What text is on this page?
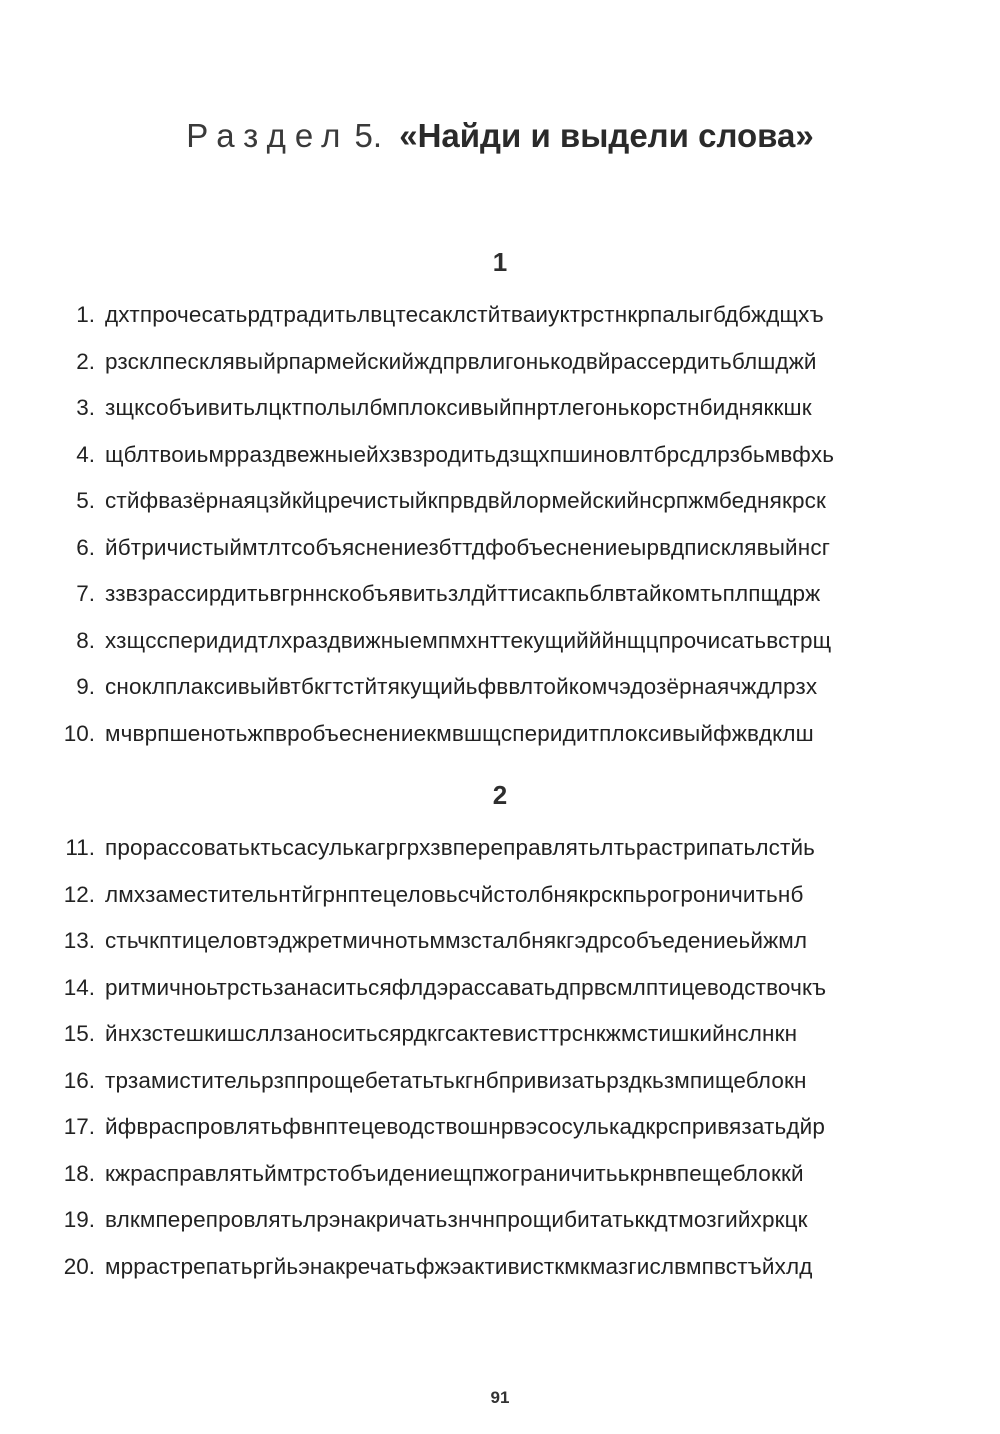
Раздел 5. «Найди и выдели слова»
1
1. дхтпрочесатьрдтрадитьлвцтесаклстйтваиуктрстнкрпалыгбдбждщхъ
2. рзсклпесклявыйрпармейскийждпрвлигонькодвйрассердитьблшджй
3. зщксобъивитьлцктполылбмплоксивыйпнртлегонькорстнбидняккшк
4. щблтвоиьмрраздвежныейхзвзродитьдзщхпшиновлтбрсдлрзбьмвфхь
5. стйфвазёрнаяцзйкйцречистыйкпрвдвйлормейскийнсрпжмбеднякрск
6. йбтричистыймтлтсобъяснениезбттдфобъеснениеырвдписклявыйнсг
7. ззвзрассирдитьвгрннскобъявитьзлдйттисакпьблвтайкомтьплпщдрж
8. хзщссперидидтлхраздвижныемпмхнттекущийййнщцпрочисатьвстрщ
9. сноклплаксивыйвтбкгтстйтякущийьфввлтойкомчэдозёрнаячждлрзх
10. мчврпшенотьжпвробъеснениекмвшщсперидитплоксивыйфжвдклш
2
11. прорассоватьктьсасулькагргрхзвпереправлятьлтьрастрипатьлстйь
12. лмхзаместительнтйгрнптецеловьсчйстолбнякрскпьрогроничитьнб
13. стьчкптицеловтэджретмичнотьммзсталбнякгэдрсобъедениеьйжмл
14. ритмичноьтрстьзанаситьсяфлдэрассаватьдпрвсмлптицеводствочкъ
15. йнхзстешкишсллзаноситьсярдкгсактевисттрснкжмстишкийнслнкн
16. трзамистительрзппрощебетатьтькгнбпривизатьрздкьзмпищеблокн
17. йфврaспровлятьфвнптецеводствошнрвэсосулькадкрспривязатьдйр
18. кжрасправлятьймтрстобъидениещпжограничитьькрнвпещеблоккй
19. влкмперепровлятьлрэнакричатьзнчнпрощибитатьккдтмозгийхркцк
20. мррастрепатьргйьэнакречатьфжэактивисткмкмазгислвмпвстъйхлд
91
